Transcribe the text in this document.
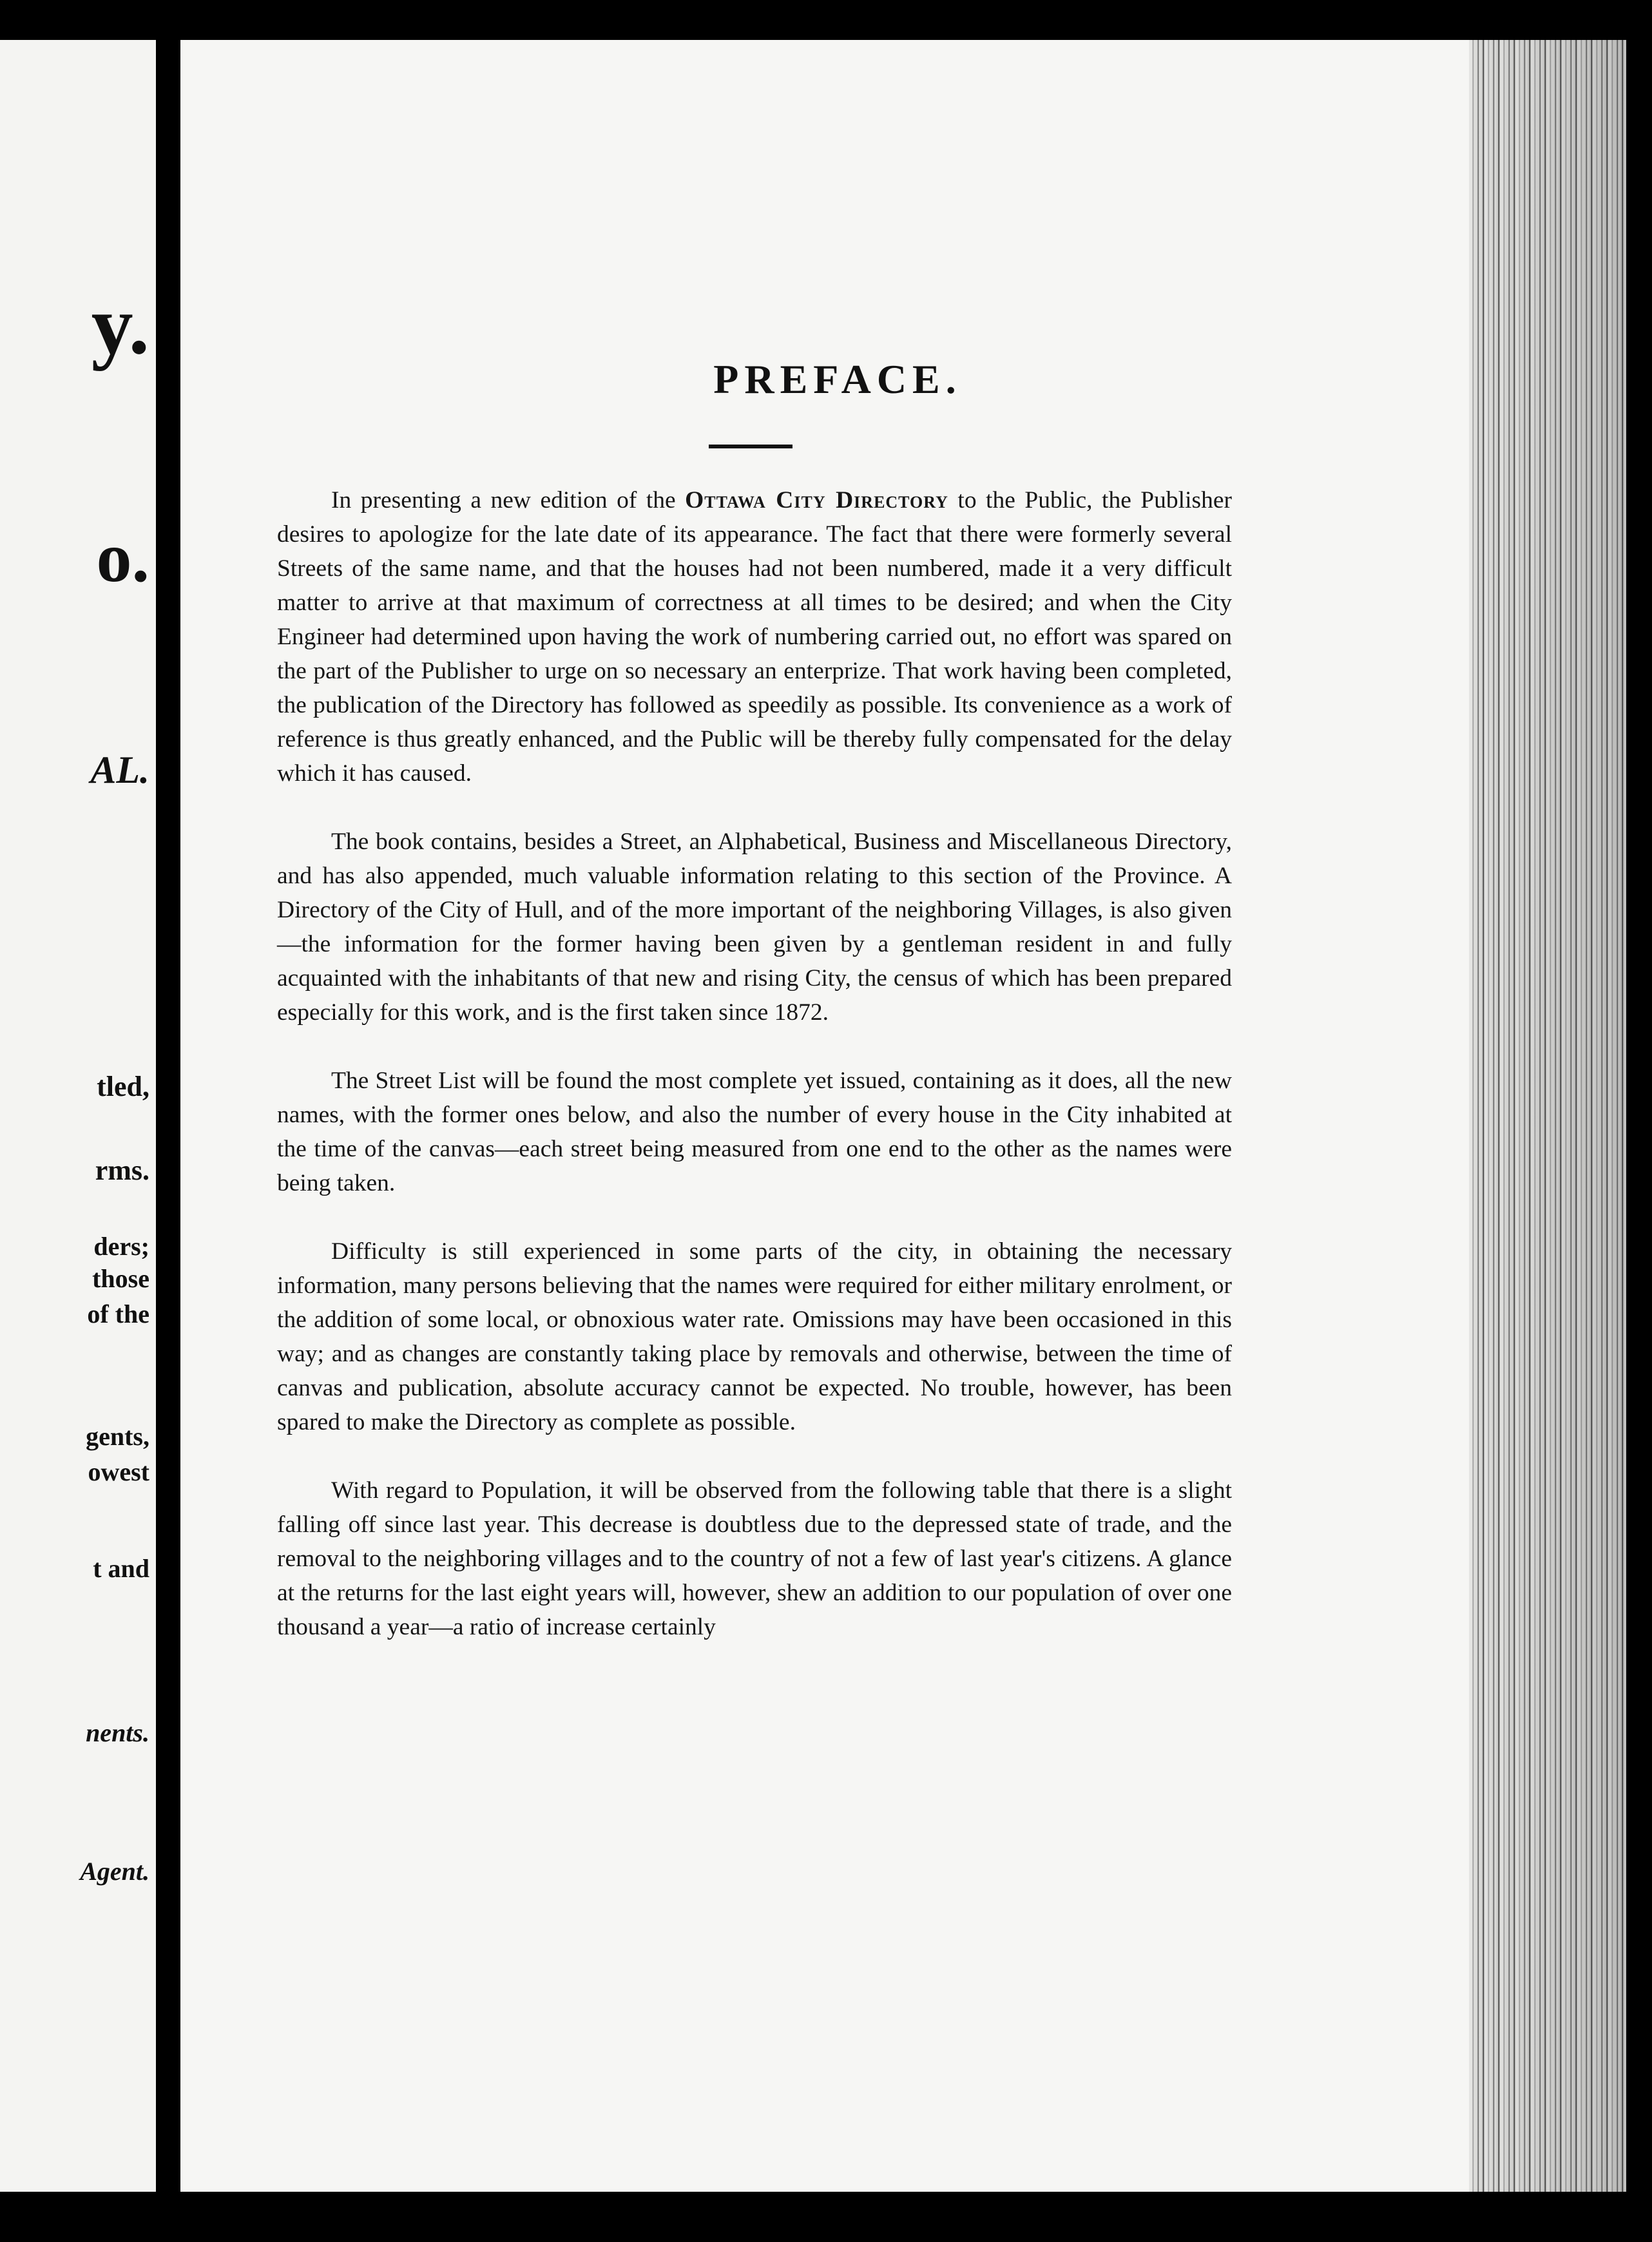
y.
o.
AL.
tled,
rms.
ders;
those
of the
gents,
owest
t and
nents.
Agent.
PREFACE.

In presenting a new edition of the Ottawa City Directory to the Public, the Publisher desires to apologize for the late date of its appearance. The fact that there were formerly several Streets of the same name, and that the houses had not been numbered, made it a very difficult matter to arrive at that maximum of correctness at all times to be desired; and when the City Engineer had determined upon having the work of numbering carried out, no effort was spared on the part of the Publisher to urge on so necessary an enterprize. That work having been completed, the publication of the Directory has followed as speedily as possible. Its convenience as a work of reference is thus greatly enhanced, and the Public will be thereby fully compensated for the delay which it has caused.

The book contains, besides a Street, an Alphabetical, Business and Miscellaneous Directory, and has also appended, much valuable information relating to this section of the Province. A Directory of the City of Hull, and of the more important of the neighboring Villages, is also given —the information for the former having been given by a gentleman resident in and fully acquainted with the inhabitants of that new and rising City, the census of which has been prepared especially for this work, and is the first taken since 1872.

The Street List will be found the most complete yet issued, containing as it does, all the new names, with the former ones below, and also the number of every house in the City inhabited at the time of the canvas—each street being measured from one end to the other as the names were being taken.

Difficulty is still experienced in some parts of the city, in obtaining the necessary information, many persons believing that the names were required for either military enrolment, or the addition of some local, or obnoxious water rate. Omissions may have been occasioned in this way; and as changes are constantly taking place by removals and otherwise, between the time of canvas and publication, absolute accuracy cannot be expected. No trouble, however, has been spared to make the Directory as complete as possible.

With regard to Population, it will be observed from the following table that there is a slight falling off since last year. This decrease is doubtless due to the depressed state of trade, and the removal to the neighboring villages and to the country of not a few of last year's citizens. A glance at the returns for the last eight years will, however, shew an addition to our population of over one thousand a year—a ratio of increase certainly
